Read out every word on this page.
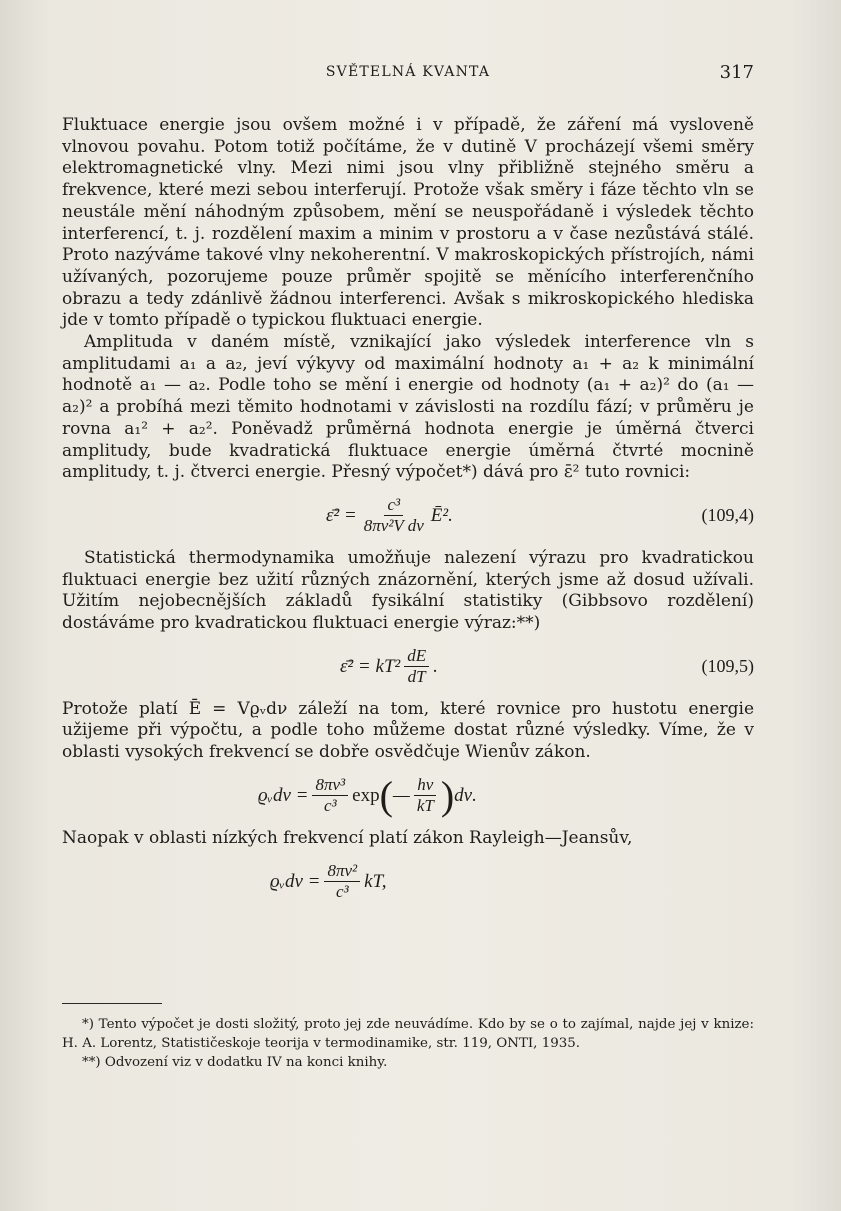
SVĚTELNÁ KVANTA	317

Fluktuace energie jsou ovšem možné i v případě, že záření má vysloveně vlnovou povahu. Potom totiž počítáme, že v dutině V procházejí všemi směry elektromagnetické vlny. Mezi nimi jsou vlny přibližně stejného směru a frekvence, které mezi sebou interferují. Protože však směry i fáze těchto vln se neustále mění náhodným způsobem, mění se neuspořádaně i výsledek těchto interferencí, t. j. rozdělení maxim a minim v prostoru a v čase nezůstává stálé. Proto nazýváme takové vlny nekoherentní. V makroskopických přístrojích, námi užívaných, pozorujeme pouze průměr spojitě se měnícího interferenčního obrazu a tedy zdánlivě žádnou interferenci. Avšak s mikroskopického hlediska jde v tomto případě o typickou fluktuaci energie.

Amplituda v daném místě, vznikající jako výsledek interference vln s amplitudami a₁ a a₂, jeví výkyvy od maximální hodnoty a₁ + a₂ k minimální hodnotě a₁ — a₂. Podle toho se mění i energie od hodnoty (a₁ + a₂)² do (a₁ — a₂)² a probíhá mezi těmito hodnotami v závislosti na rozdílu fází; v průměru je rovna a₁² + a₂². Poněvadž průměrná hodnota energie je úměrná čtverci amplitudy, bude kvadratická fluktuace energie úměrná čtvrté mocnině amplitudy, t. j. čtverci energie. Přesný výpočet*) dává pro ε̄² tuto rovnici:

ε̄² = $\frac{\text{c³}}{\text{8πν²V dν}}$ Ē².	(109,4)

Statistická thermodynamika umožňuje nalezení výrazu pro kvadratickou fluktuaci energie bez užití různých znázornění, kterých jsme až dosud užívali. Užitím nejobecnějších základů fysikální statistiky (Gibbsovo rozdělení) dostáváme pro kvadratickou fluktuaci energie výraz:**)

ε̄² = $kT^2 \frac{dE}{dT}$ .	(109,5)

Protože platí Ē = Vϱᵥdν záleží na tom, které rovnice pro hustotu energie užijeme při výpočtu, a podle toho můžeme dostat různé výsledky. Víme, že v oblasti vysokých frekvencí se dobře osvědčuje Wienův zákon.

ϱᵥdν = $\frac{\text{8πν³}}{\text{c³}}$ exp ( — $\frac{h\nu}{kT}$ ) dν.

Naopak v oblasti nízkých frekvencí platí zákon Rayleigh—Jeansův,

ϱᵥdν = $\frac{\text{8πν²}}{\text{c³}}$ kT,

*) Tento výpočet je dosti složitý, proto jej zde neuvádíme. Kdo by se o to zajímal, najde jej v knize: H. A. Lorentz, Statističeskoje teorija v termodinamike, str. 119, ONTI, 1935.

**) Odvození viz v dodatku IV na konci knihy.
